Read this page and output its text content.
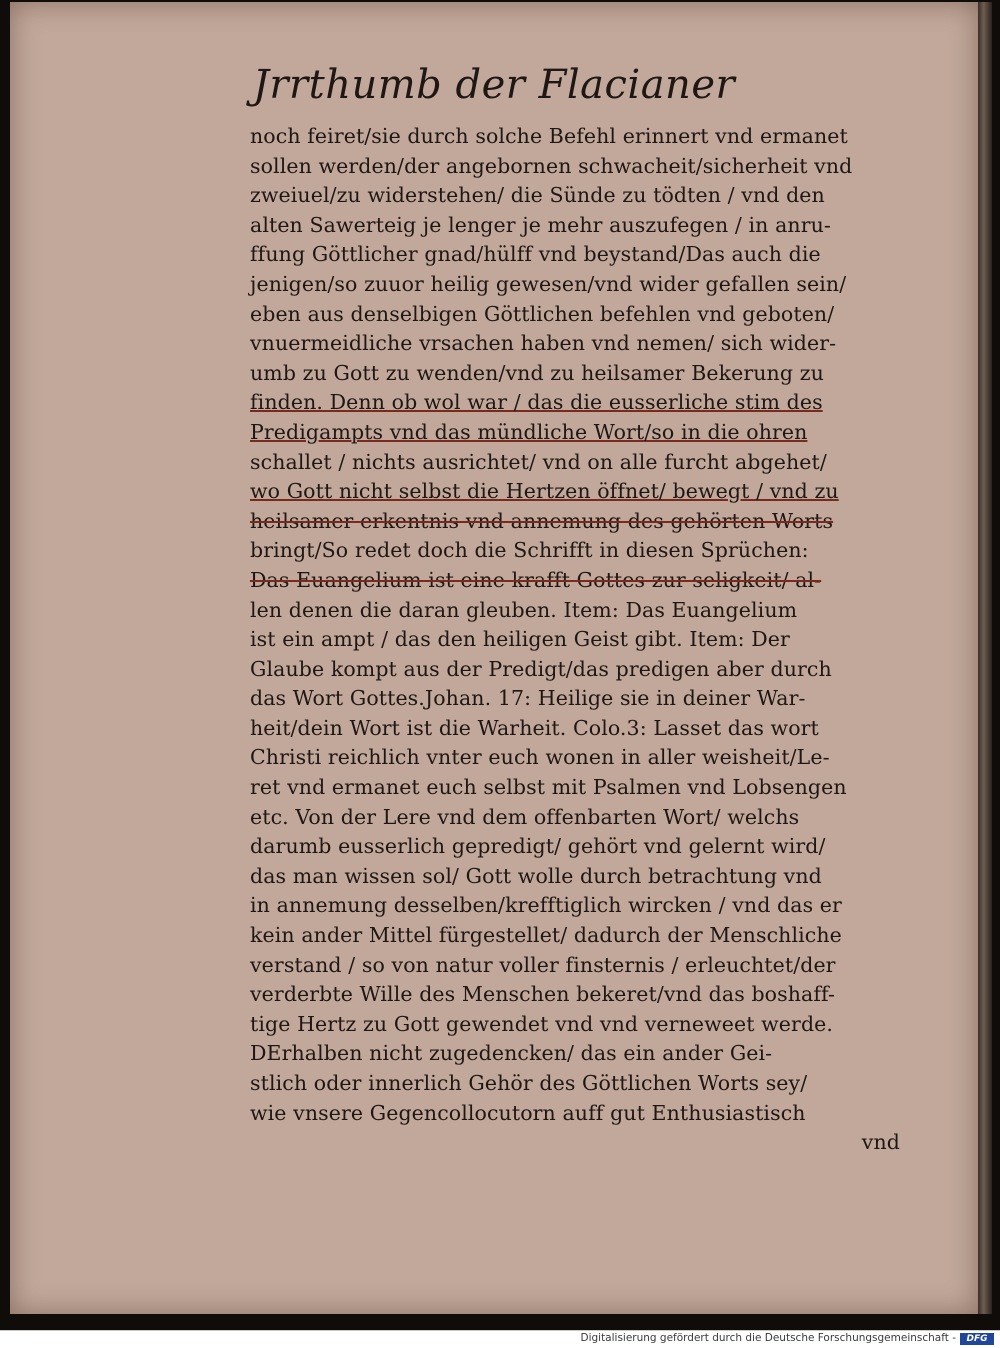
Jrrthumb der Flacianer
noch feiret/sie durch solche Befehl erinnert vnd ermanet
sollen werden/der angebornen schwacheit/sicherheit vnd
zweiuel/zu widerstehen/ die Sünde zu tödten / vnd den
alten Sawerteig je lenger je mehr auszufegen / in anru-
ffung Göttlicher gnad/hülff vnd beystand/Das auch die
jenigen/so zuuor heilig gewesen/vnd wider gefallen sein/
eben aus denselbigen Göttlichen befehlen vnd geboten/
vnuermeidliche vrsachen haben vnd nemen/ sich wider-
umb zu Gott zu wenden/vnd zu heilsamer Bekerung zu
finden. Denn ob wol war / das die eusserliche stim des
Predigampts vnd das mündliche Wort/so in die ohren
schallet / nichts ausrichtet/ vnd on alle furcht abgehet/
wo Gott nicht selbst die Hertzen öffnet/ bewegt / vnd zu
heilsamer erkentnis vnd annemung des gehörten Worts
bringt/So redet doch die Schrifft in diesen Sprüchen:
Das Euangelium ist eine krafft Gottes zur seligkeit/ al-
len denen die daran gleuben. Item: Das Euangelium
ist ein ampt / das den heiligen Geist gibt. Item: Der
Glaube kompt aus der Predigt/das predigen aber durch
das Wort Gottes.Johan. 17: Heilige sie in deiner War-
heit/dein Wort ist die Warheit. Colo.3: Lasset das wort
Christi reichlich vnter euch wonen in aller weisheit/Le-
ret vnd ermanet euch selbst mit Psalmen vnd Lobsengen
etc. Von der Lere vnd dem offenbarten Wort/ welchs
darumb eusserlich gepredigt/ gehört vnd gelernt wird/
das man wissen sol/ Gott wolle durch betrachtung vnd
in annemung desselben/krefftiglich wircken / vnd das er
kein ander Mittel fürgestellet/ dadurch der Menschliche
verstand / so von natur voller finsternis / erleuchtet/der
verderbte Wille des Menschen bekeret/vnd das boshaff-
tige Hertz zu Gott gewendet vnd vnd verneweet werde.
DErhalben nicht zugedencken/ das ein ander Gei-
stlich oder innerlich Gehör des Göttlichen Worts sey/
wie vnsere Gegencollocutorn auff gut Enthusiastisch
vnd
Digitalisierung gefördert durch die Deutsche Forschungsgemeinschaft -	DFG
